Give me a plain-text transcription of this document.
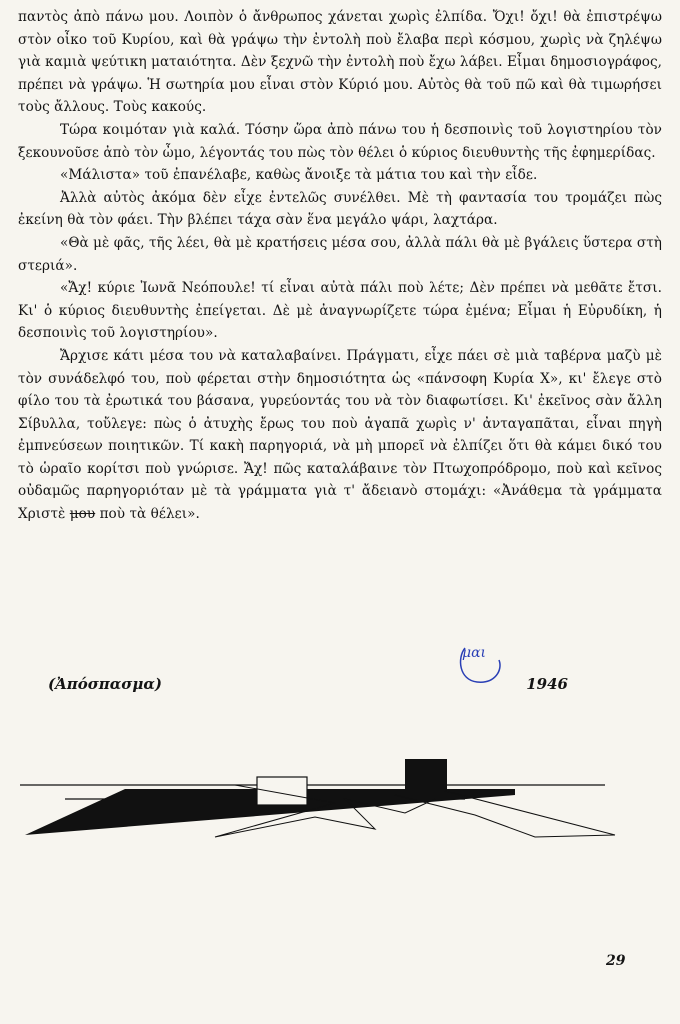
παντὸς ἀπὸ πάνω μου. Λοιπὸν ὁ ἄνθρωπος χάνεται χωρὶς ἐλπίδα. Ὄχι! ὄχι! θὰ ἐπιστρέψω στὸν οἶκο τοῦ Κυρίου, καὶ θὰ γράψω τὴν ἐντολὴ ποὺ ἔλαβα περὶ κόσμου, χωρὶς νὰ ζηλέψω γιὰ καμιὰ ψεύτικη ματαιότητα. Δὲν ξεχνῶ τὴν ἐντολὴ ποὺ ἔχω λάβει. Εἶμαι δημοσιογράφος, πρέπει νὰ γράψω. Ἡ σωτηρία μου εἶναι στὸν Κύριό μου. Αὐτὸς θὰ τοῦ πῶ καὶ θὰ τιμωρήσει τοὺς ἄλλους. Τοὺς κακούς.

Τώρα κοιμόταν γιὰ καλά. Τόσην ὥρα ἀπὸ πάνω του ἡ δεσποινὶς τοῦ λογιστηρίου τὸν ξεκουνοῦσε ἀπὸ τὸν ὦμο, λέγοντάς του πὼς τὸν θέλει ὁ κύριος διευθυντὴς τῆς ἐφημερίδας.

«Μάλιστα» τοῦ ἐπανέλαβε, καθὼς ἄνοιξε τὰ μάτια του καὶ τὴν εἶδε.

Ἀλλὰ αὐτὸς ἀκόμα δὲν εἶχε ἐντελῶς συνέλθει. Μὲ τὴ φαντασία του τρομάζει πὼς ἐκείνη θὰ τὸν φάει. Τὴν βλέπει τάχα σὰν ἕνα μεγάλο ψάρι, λαχτάρα.

«Θὰ μὲ φᾶς, τῆς λέει, θὰ μὲ κρατήσεις μέσα σου, ἀλλὰ πάλι θὰ μὲ βγάλεις ὕστερα στὴ στεριά».

«Ἄχ! κύριε Ἰωνᾶ Νεόπουλε! τί εἶναι αὐτὰ πάλι ποὺ λέτε; Δὲν πρέπει νὰ μεθᾶτε ἔτσι. Κι' ὁ κύριος διευθυντὴς ἐπείγεται. Δὲ μὲ ἀναγνωρίζετε τώρα ἐμένα; Εἶμαι ἡ Εὐρυδίκη, ἡ δεσποινὶς τοῦ λογιστηρίου».

Ἄρχισε κάτι μέσα του νὰ καταλαβαίνει. Πράγματι, εἶχε πάει σὲ μιὰ ταβέρνα μαζὺ μὲ τὸν συνάδελφό του, ποὺ φέρεται στὴν δημοσιότητα ὡς «πάνσοφη Κυρία Χ», κι' ἔλεγε στὸ φίλο του τὰ ἐρωτικά του βάσανα, γυρεύοντάς του νὰ τὸν διαφωτίσει. Κι' ἐκεῖνος σὰν ἄλλη Σίβυλλα, τοὔλεγε: πὼς ὁ ἀτυχὴς ἔρως του ποὺ ἀγαπᾶ χωρὶς ν' ἀνταγαπᾶται, εἶναι πηγὴ ἐμπνεύσεων ποιητικῶν. Τί κακὴ παρηγοριά, νὰ μὴ μπορεῖ νὰ ἐλπίζει ὅτι θὰ κάμει δικό του τὸ ὡραῖο κορίτσι ποὺ γνώρισε. Ἄχ! πῶς καταλάβαινε τὸν Πτωχοπρόδρομο, ποὺ καὶ κεῖνος οὐδαμῶς παρηγοριόταν μὲ τὰ γράμματα γιὰ τ' ἄδειανὸ στομάχι: «Ἀνάθεμα τὰ γράμματα Χριστὲ μου ποὺ τὰ θέλει».

μαι
(Ἀπόσπασμα)	1946
29
